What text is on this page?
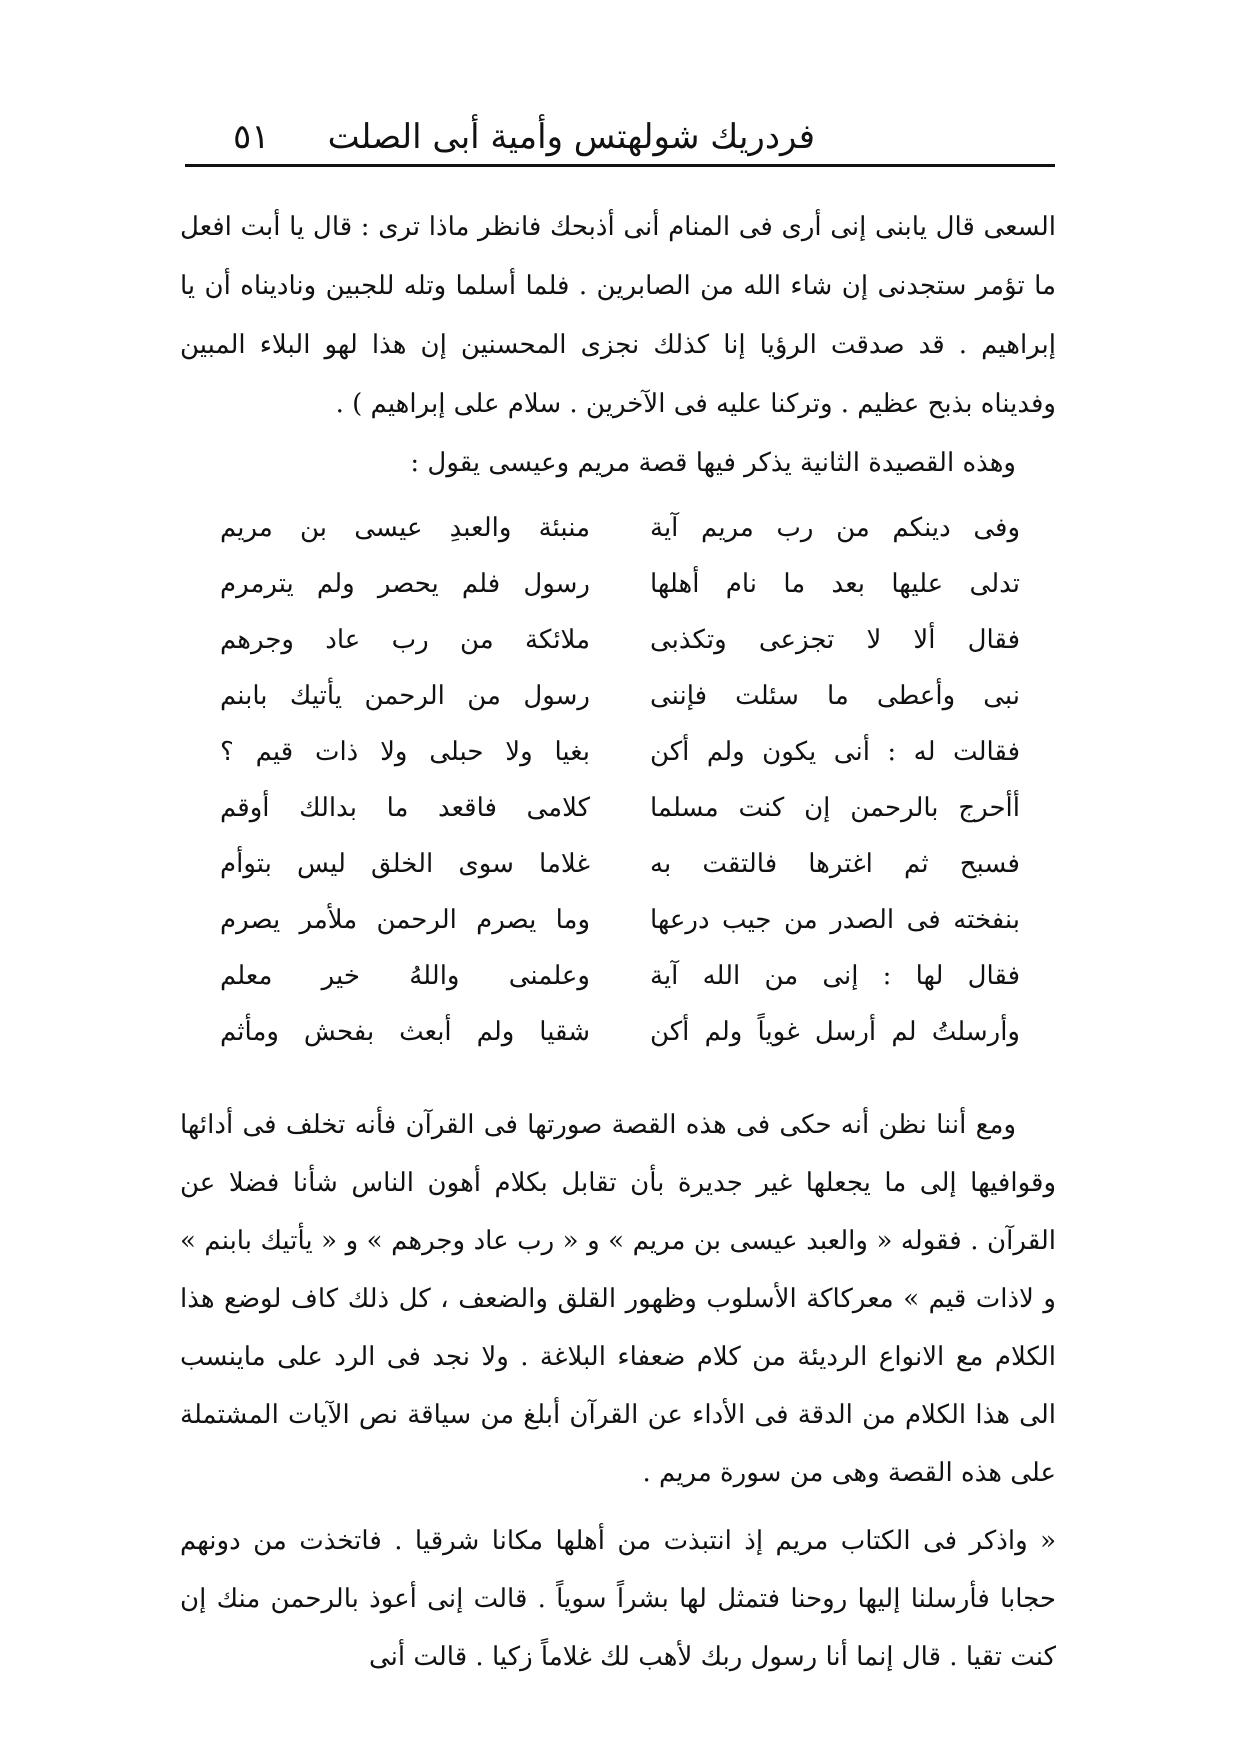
فردريك شولهتس وأمية أبى الصلت
٥١

السعى قال يابنى إنى أرى فى المنام أنى أذبحك فانظر ماذا ترى : قال يا أبت افعل ما تؤمر ستجدنى إن شاء الله من الصابرين . فلما أسلما وتله للجبين وناديناه أن يا إبراهيم . قد صدقت الرؤيا إنا كذلك نجزى المحسنين إن هذا لهو البلاء المبين وفديناه بذبح عظيم . وتركنا عليه فى الآخرين . سلام على إبراهيم ) .

وهذه القصيدة الثانية يذكر فيها قصة مريم وعيسى يقول :

وفى دينكم من رب مريم آية
منبئة والعبدِ عيسى بن مريم
تدلى عليها بعد ما نام أهلها
رسول فلم يحصر ولم يترمرم
فقال ألا لا تجزعى وتكذبى
ملائكة من رب عاد وجرهم
نبى وأعطى ما سئلت فإننى
رسول من الرحمن يأتيك بابنم
فقالت له : أنى يكون ولم أكن
بغيا ولا حبلى ولا ذات قيم ؟
أأحرج بالرحمن إن كنت مسلما
كلامى فاقعد ما بدالك أوقم
فسبح ثم اغترها فالتقت به
غلاما سوى الخلق ليس بتوأم
بنفخته فى الصدر من جيب درعها
وما يصرم الرحمن ملأمر يصرم
فقال لها : إنى من الله آية
وعلمنى واللهُ خير معلم
وأرسلتُ لم أرسل غوياً ولم أكن
شقيا ولم أبعث بفحش ومأثم

ومع أننا نظن أنه حكى فى هذه القصة صورتها فى القرآن فأنه تخلف فى أدائها وقوافيها إلى ما يجعلها غير جديرة بأن تقابل بكلام أهون الناس شأنا فضلا عن القرآن . فقوله « والعبد عيسى بن مريم » و « رب عاد وجرهم » و « يأتيك بابنم » و لاذات قيم » معركاكة الأسلوب وظهور القلق والضعف ، كل ذلك كاف لوضع هذا الكلام مع الانواع الرديئة من كلام ضعفاء البلاغة . ولا نجد فى الرد على ماينسب الى هذا الكلام من الدقة فى الأداء عن القرآن أبلغ من سياقة نص الآيات المشتملة على هذه القصة وهى من سورة مريم .

« واذكر فى الكتاب مريم إذ انتبذت من أهلها مكانا شرقيا . فاتخذت من دونهم حجابا فأرسلنا إليها روحنا فتمثل لها بشراً سوياً . قالت إنى أعوذ بالرحمن منك إن كنت تقيا . قال إنما أنا رسول ربك لأهب لك غلاماً زكيا . قالت أنى
